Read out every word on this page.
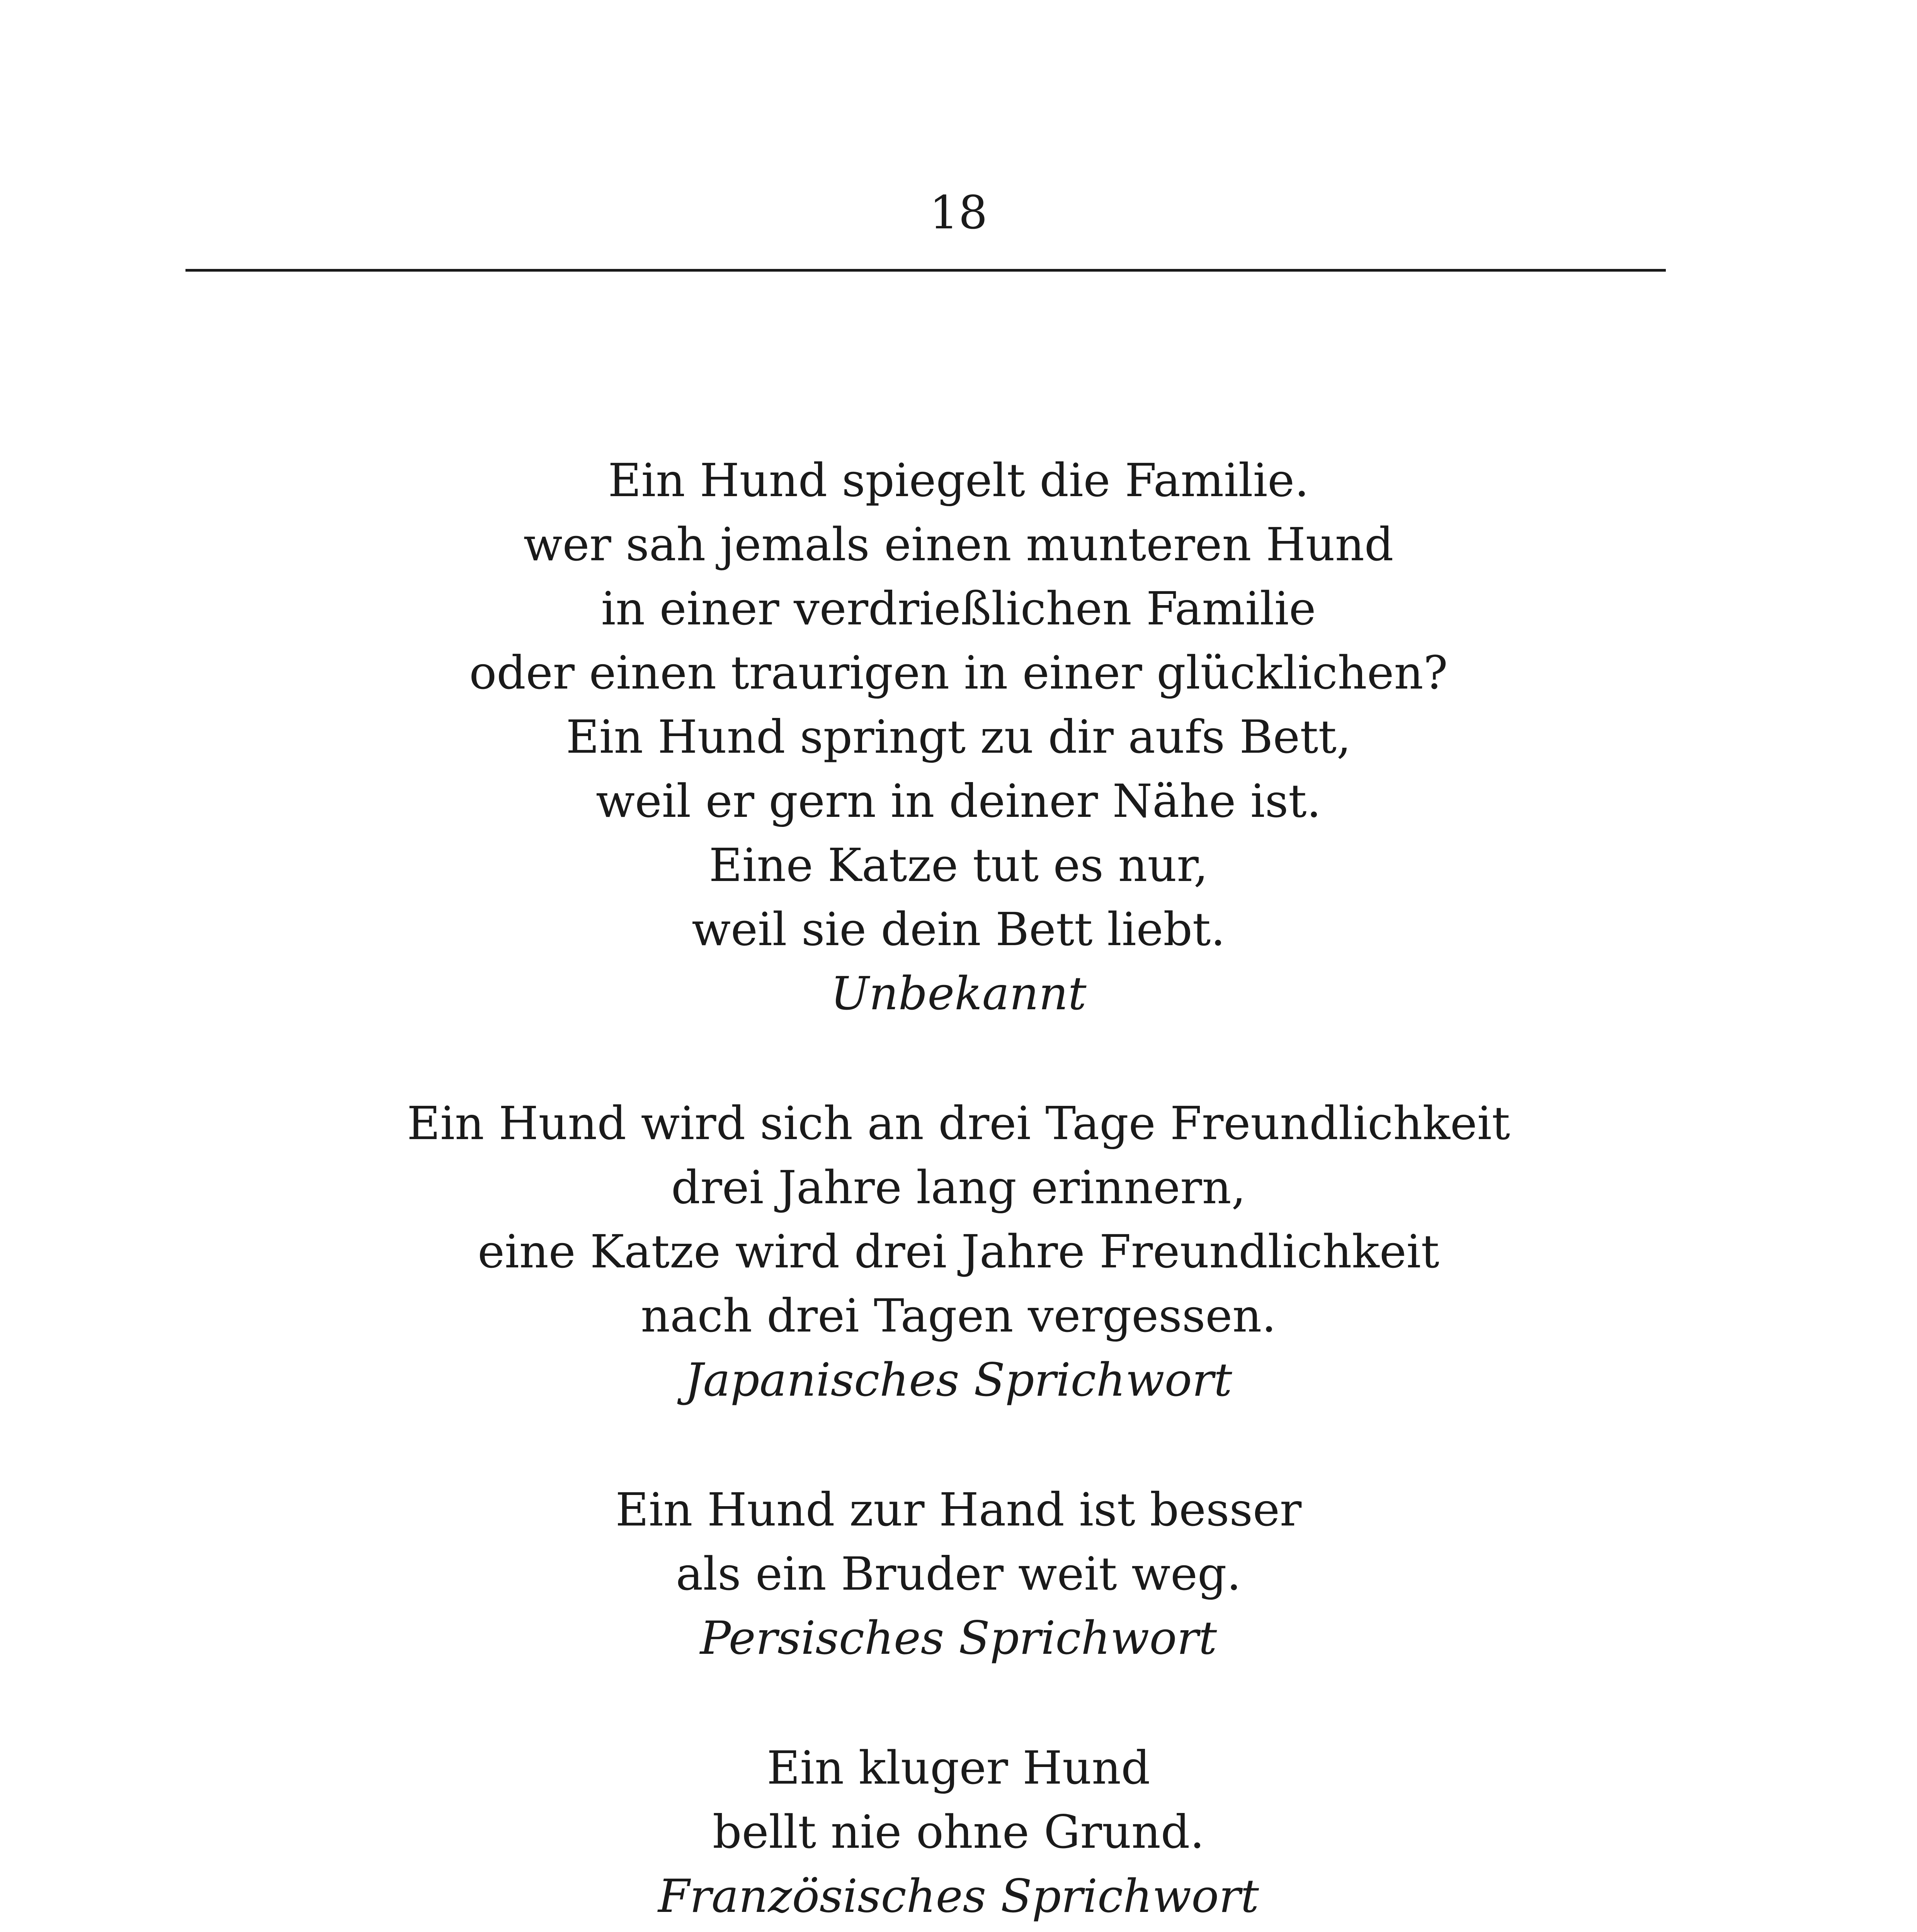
18
Ein Hund spiegelt die Familie.
wer sah jemals einen munteren Hund
in einer verdrießlichen Familie
oder einen traurigen in einer glücklichen?
Ein Hund springt zu dir aufs Bett,
weil er gern in deiner Nähe ist.
Eine Katze tut es nur,
weil sie dein Bett liebt.
Unbekannt
Ein Hund wird sich an drei Tage Freundlichkeit
drei Jahre lang erinnern,
eine Katze wird drei Jahre Freundlichkeit
nach drei Tagen vergessen.
Japanisches Sprichwort
Ein Hund zur Hand ist besser
als ein Bruder weit weg.
Persisches Sprichwort
Ein kluger Hund
bellt nie ohne Grund.
Französisches Sprichwort
